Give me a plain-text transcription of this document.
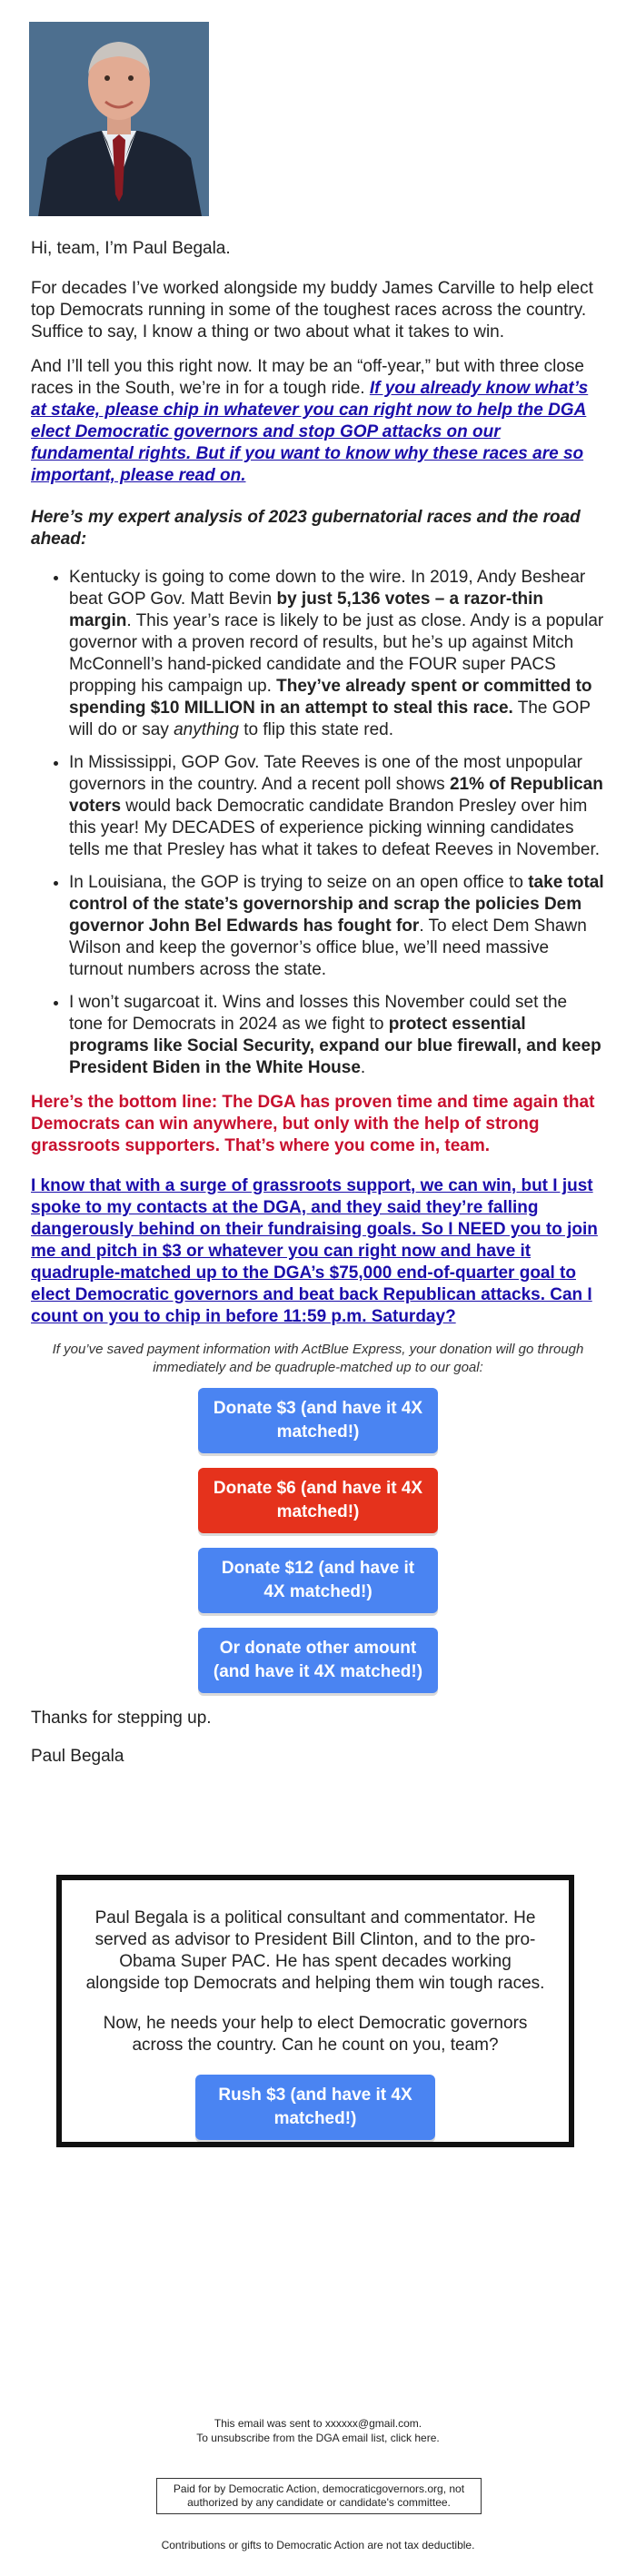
Hi, team, I’m Paul Begala.

For decades I’ve worked alongside my buddy James Carville to help elect top Democrats running in some of the toughest races across the country. Suffice to say, I know a thing or two about what it takes to win.

And I’ll tell you this right now. It may be an “off-year,” but with three close races in the South, we’re in for a tough ride. If you already know what’s at stake, please chip in whatever you can right now to help the DGA elect Democratic governors and stop GOP attacks on our fundamental rights. But if you want to know why these races are so important, please read on.

Here’s my expert analysis of 2023 gubernatorial races and the road ahead:

• Kentucky is going to come down to the wire. In 2019, Andy Beshear beat GOP Gov. Matt Bevin by just 5,136 votes – a razor-thin margin. This year’s race is likely to be just as close. Andy is a popular governor with a proven record of results, but he’s up against Mitch McConnell’s hand-picked candidate and the FOUR super PACS propping his campaign up. They’ve already spent or committed to spending $10 MILLION in an attempt to steal this race. The GOP will do or say anything to flip this state red.
• In Mississippi, GOP Gov. Tate Reeves is one of the most unpopular governors in the country. And a recent poll shows 21% of Republican voters would back Democratic candidate Brandon Presley over him this year! My DECADES of experience picking winning candidates tells me that Presley has what it takes to defeat Reeves in November.
• In Louisiana, the GOP is trying to seize on an open office to take total control of the state’s governorship and scrap the policies Dem governor John Bel Edwards has fought for. To elect Dem Shawn Wilson and keep the governor’s office blue, we’ll need massive turnout numbers across the state.
• I won’t sugarcoat it. Wins and losses this November could set the tone for Democrats in 2024 as we fight to protect essential programs like Social Security, expand our blue firewall, and keep President Biden in the White House.

Here’s the bottom line: The DGA has proven time and time again that Democrats can win anywhere, but only with the help of strong grassroots supporters. That’s where you come in, team.

I know that with a surge of grassroots support, we can win, but I just spoke to my contacts at the DGA, and they said they’re falling dangerously behind on their fundraising goals. So I NEED you to join me and pitch in $3 or whatever you can right now and have it quadruple-matched up to the DGA’s $75,000 end-of-quarter goal to elect Democratic governors and beat back Republican attacks. Can I count on you to chip in before 11:59 p.m. Saturday?

If you’ve saved payment information with ActBlue Express, your donation will go through immediately and be quadruple-matched up to our goal:

Donate $3 (and have it 4X matched!)
Donate $6 (and have it 4X matched!)
Donate $12 (and have it 4X matched!)
Or donate other amount (and have it 4X matched!)

Thanks for stepping up.

Paul Begala

Paul Begala is a political consultant and commentator. He served as advisor to President Bill Clinton, and to the pro-Obama Super PAC. He has spent decades working alongside top Democrats and helping them win tough races.

Now, he needs your help to elect Democratic governors across the country. Can he count on you, team?

Rush $3 (and have it 4X matched!)
This email was sent to xxxxxx@gmail.com.
To unsubscribe from the DGA email list, click here.
Paid for by Democratic Action, democraticgovernors.org, not authorized by any candidate or candidate's committee.
Contributions or gifts to Democratic Action are not tax deductible.
